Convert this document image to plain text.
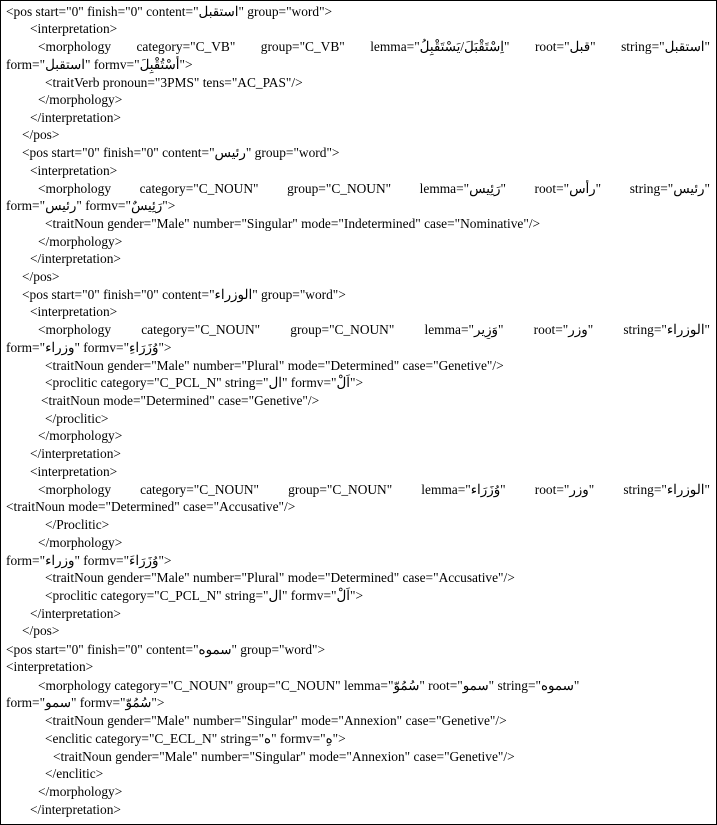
<pos start="0" finish="0" content="استقبل" group="word">
<interpretation>
<morphology category="C_VB" group="C_VB" lemma="اِسْتَقْبَلَ/يَسْتَقْبِلُ" root="قبل" string="استقبل"
form="استقبل" formv="أَسْتُقْبِلَ">
<traitVerb pronoun="3PMS" tens="AC_PAS"/>
</morphology>
</interpretation>
</pos>
<pos start="0" finish="0" content="رئيس" group="word">
<interpretation>
<morphology category="C_NOUN" group="C_NOUN" lemma="رَئِيس" root="رأس" string="رئيس"
form="رئيس" formv="رَئِيسٌ">
<traitNoun gender="Male" number="Singular" mode="Indetermined" case="Nominative"/>
</morphology>
</interpretation>
</pos>
<pos start="0" finish="0" content="الوزراء" group="word">
<interpretation>
<morphology category="C_NOUN" group="C_NOUN" lemma="وَزِير" root="وزر" string="الوزراء"
form="وزراء" formv="وُزَرَاءِ">
<traitNoun gender="Male" number="Plural" mode="Determined" case="Genetive"/>
<proclitic category="C_PCL_N" string="ال" formv="اَلْ">
<traitNoun mode="Determined" case="Genetive"/>
</proclitic>
</morphology>
</interpretation>
<interpretation>
<morphology category="C_NOUN" group="C_NOUN" lemma="وُزَرَاء" root="وزر" string="الوزراء"
<traitNoun mode="Determined" case="Accusative"/>
</Proclitic>
</morphology>
form="وزراء" formv="وُزَرَاءَ">
<traitNoun gender="Male" number="Plural" mode="Determined" case="Accusative"/>
<proclitic category="C_PCL_N" string="ال" formv="اَلْ">
</interpretation>
</pos>
<pos start="0" finish="0" content="سموه" group="word">
<interpretation>
<morphology category="C_NOUN" group="C_NOUN" lemma="سُمُوّ" root="سمو" string="سموه"
form="سمو" formv="سُمُوّ">
<traitNoun gender="Male" number="Singular" mode="Annexion" case="Genetive"/>
<enclitic category="C_ECL_N" string="ه" formv="هِ">
<traitNoun gender="Male" number="Singular" mode="Annexion" case="Genetive"/>
</enclitic>
</morphology>
</interpretation>
